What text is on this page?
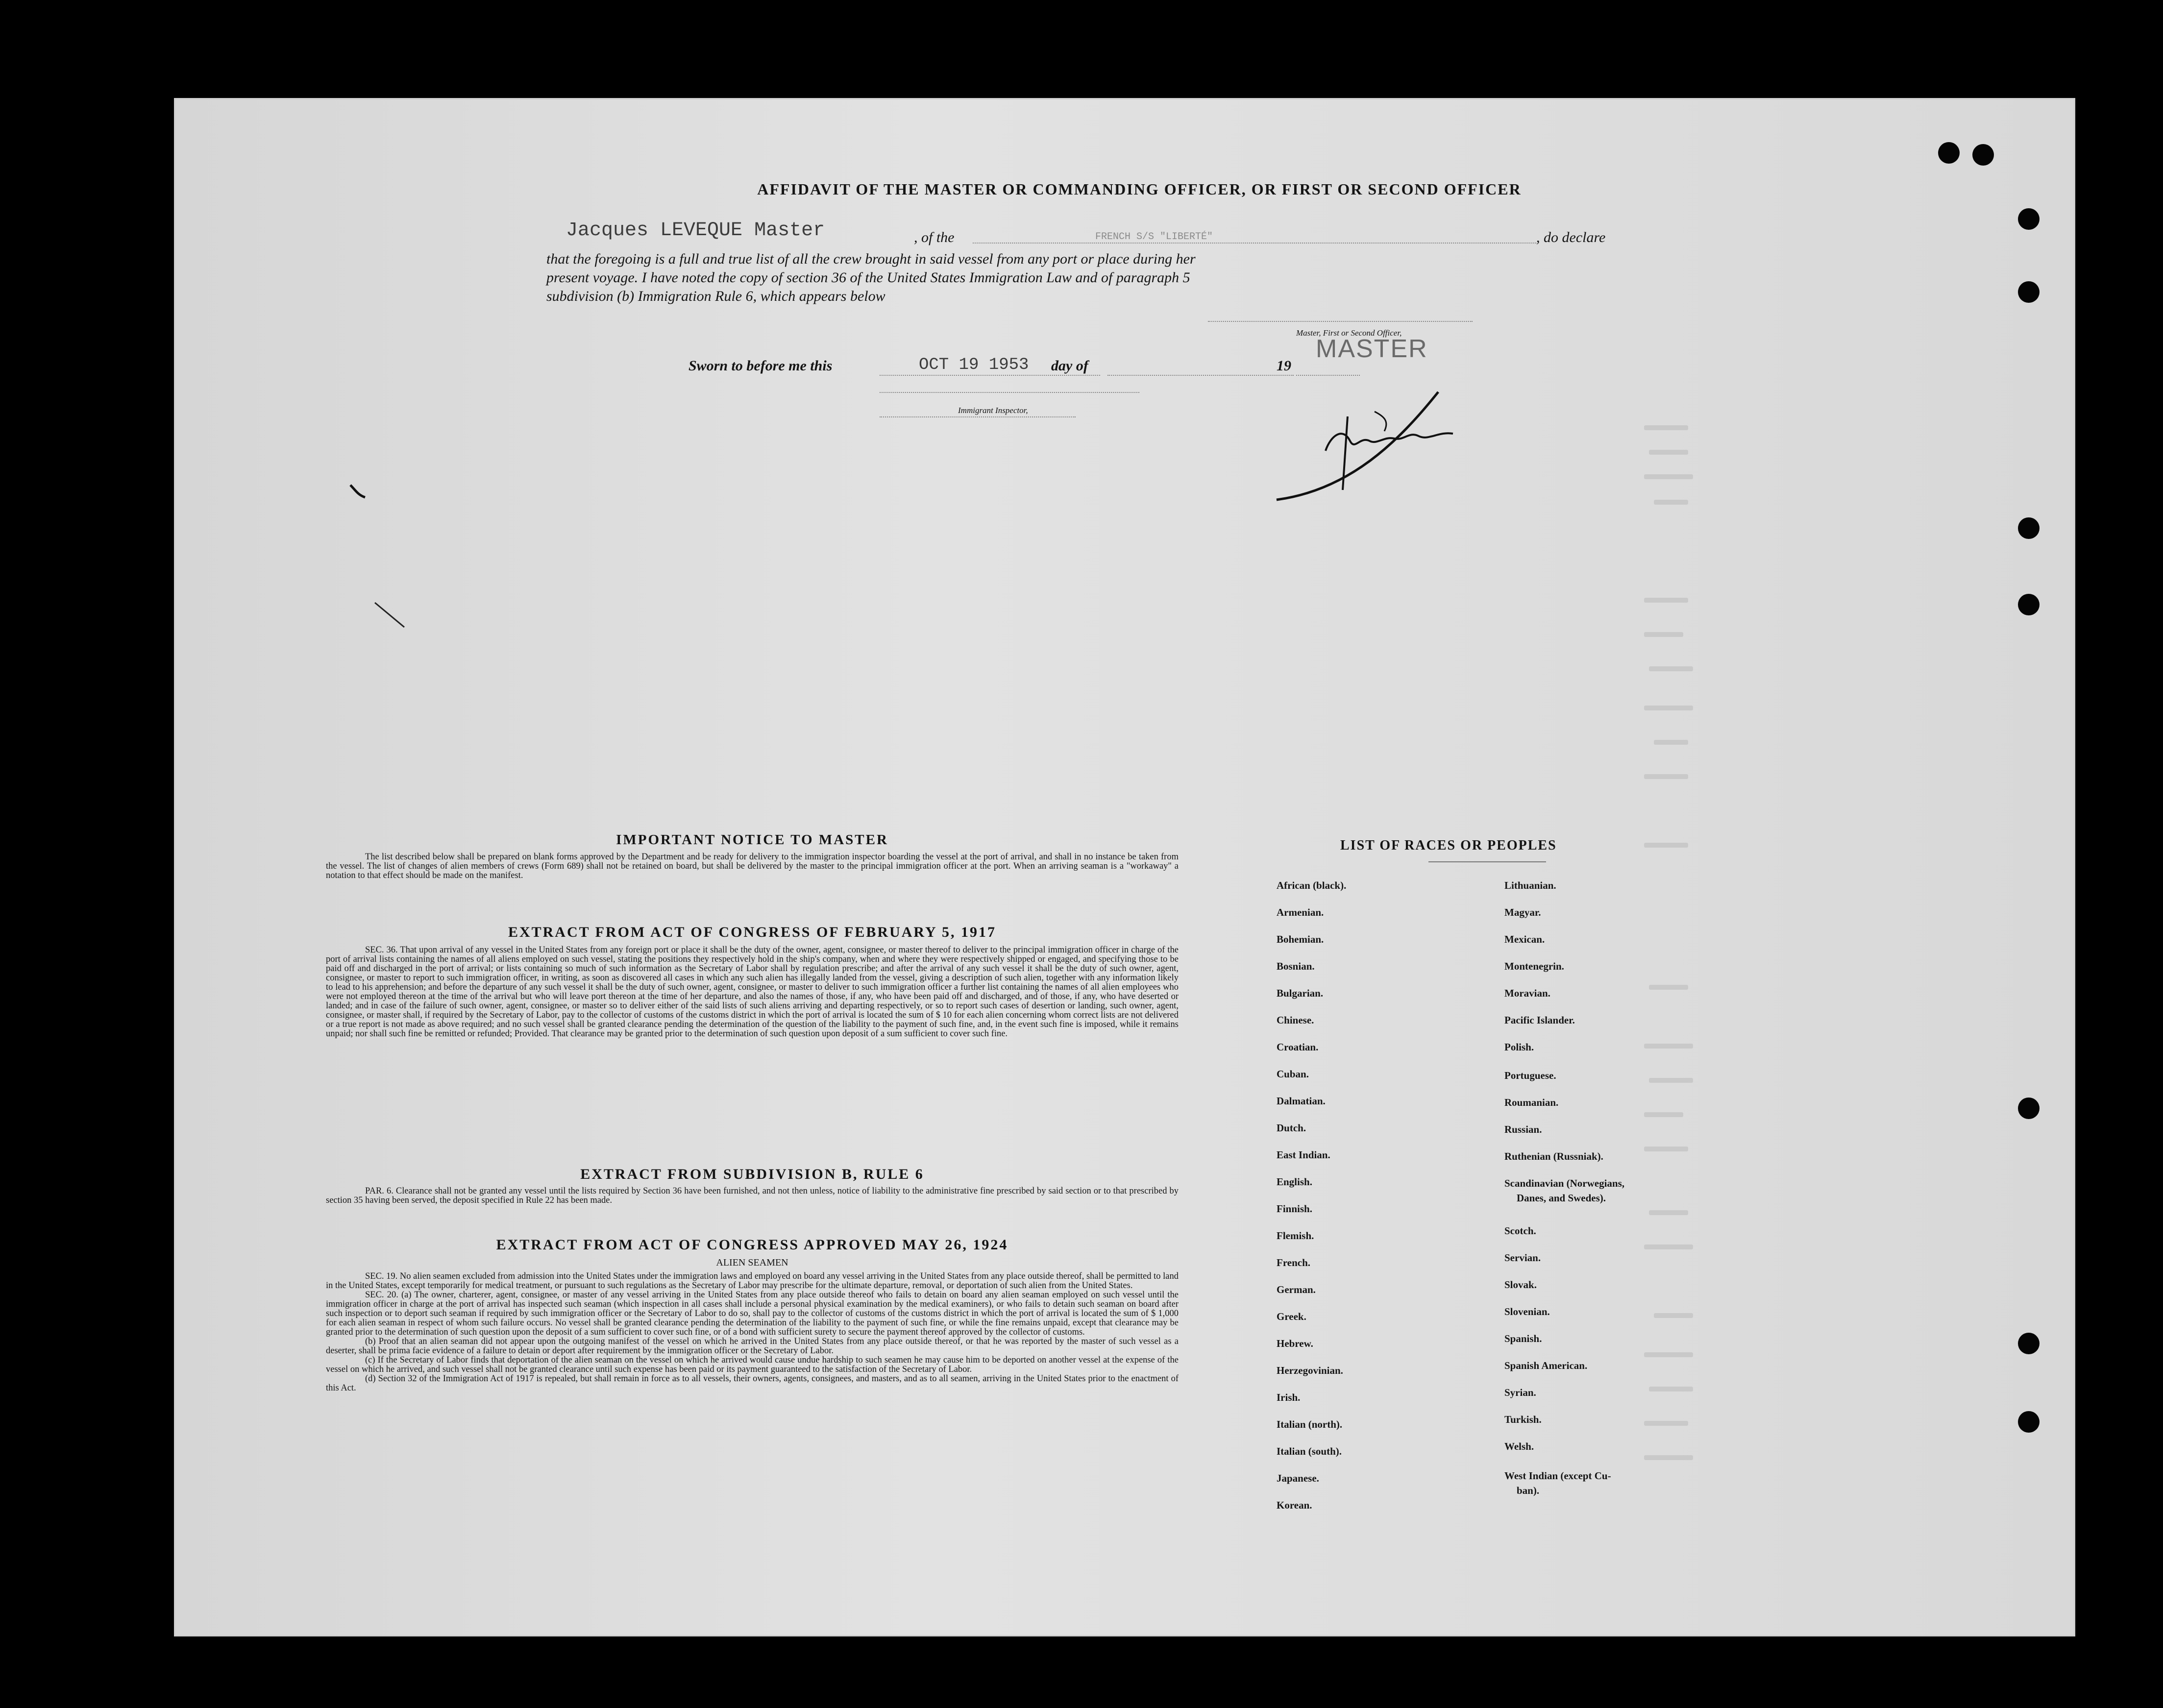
AFFIDAVIT OF THE MASTER OR COMMANDING OFFICER, OR FIRST OR SECOND OFFICER
Jacques LEVEQUE Master	, of the	FRENCH S/S "LIBERTÉ"	, do declare
that the foregoing is a full and true list of all the crew brought in said vessel from any port or place during her
present voyage. I have noted the copy of section 36 of the United States Immigration Law and of paragraph 5
subdivision (b) Immigration Rule 6, which appears below
Master, First or Second Officer,
MASTER
Sworn to before me this	OCT 19 1953 day of	19
Immigrant Inspector,
IMPORTANT NOTICE TO MASTER
The list described below shall be prepared on blank forms approved by the Department and be ready for delivery to the immigration inspector boarding the vessel at the port of arrival, and shall in no instance be taken from the vessel. The list of changes of alien members of crews (Form 689) shall not be retained on board, but shall be delivered by the master to the principal immigration officer at the port. When an arriving seaman is a "workaway" a notation to that effect should be made on the manifest.
EXTRACT FROM ACT OF CONGRESS OF FEBRUARY 5, 1917
SEC. 36. That upon arrival of any vessel in the United States from any foreign port or place it shall be the duty of the owner, agent, consignee, or master thereof to deliver to the principal immigration officer in charge of the port of arrival lists containing the names of all aliens employed on such vessel, stating the positions they respectively hold in the ship's company, when and where they were respectively shipped or engaged, and specifying those to be paid off and discharged in the port of arrival; or lists containing so much of such information as the Secretary of Labor shall by regulation prescribe; and after the arrival of any such vessel it shall be the duty of such owner, agent, consignee, or master to report to such immigration officer, in writing, as soon as discovered all cases in which any such alien has illegally landed from the vessel, giving a description of such alien, together with any information likely to lead to his apprehension; and before the departure of any such vessel it shall be the duty of such owner, agent, consignee, or master to deliver to such immigration officer a further list containing the names of all alien employees who were not employed thereon at the time of the arrival but who will leave port thereon at the time of her departure, and also the names of those, if any, who have been paid off and discharged, and of those, if any, who have deserted or landed; and in case of the failure of such owner, agent, consignee, or master so to deliver either of the said lists of such aliens arriving and departing respectively, or so to report such cases of desertion or landing, such owner, agent, consignee, or master shall, if required by the Secretary of Labor, pay to the collector of customs of the customs district in which the port of arrival is located the sum of $ 10 for each alien concerning whom correct lists are not delivered or a true report is not made as above required; and no such vessel shall be granted clearance pending the determination of the question of the liability to the payment of such fine, and, in the event such fine is imposed, while it remains unpaid; nor shall such fine be remitted or refunded; Provided. That clearance may be granted prior to the determination of such question upon deposit of a sum sufficient to cover such fine.
EXTRACT FROM SUBDIVISION B, RULE 6
PAR. 6. Clearance shall not be granted any vessel until the lists required by Section 36 have been furnished, and not then unless, notice of liability to the administrative fine prescribed by said section or to that prescribed by section 35 having been served, the deposit specified in Rule 22 has been made.
EXTRACT FROM ACT OF CONGRESS APPROVED MAY 26, 1924
ALIEN SEAMEN
SEC. 19. No alien seamen excluded from admission into the United States under the immigration laws and employed on board any vessel arriving in the United States from any place outside thereof, shall be permitted to land in the United States, except temporarily for medical treatment, or pursuant to such regulations as the Secretary of Labor may prescribe for the ultimate departure, removal, or deportation of such alien from the United States.
SEC. 20. (a) The owner, charterer, agent, consignee, or master of any vessel arriving in the United States from any place outside thereof who fails to detain on board any alien seaman employed on such vessel until the immigration officer in charge at the port of arrival has inspected such seaman (which inspection in all cases shall include a personal physical examination by the medical examiners), or who fails to detain such seaman on board after such inspection or to deport such seaman if required by such immigration officer or the Secretary of Labor to do so, shall pay to the collector of customs of the customs district in which the port of arrival is located the sum of $ 1,000 for each alien seaman in respect of whom such failure occurs. No vessel shall be granted clearance pending the determination of the liability to the payment of such fine, or while the fine remains unpaid, except that clearance may be granted prior to the determination of such question upon the deposit of a sum sufficient to cover such fine, or of a bond with sufficient surety to secure the payment thereof approved by the collector of customs.
(b) Proof that an alien seaman did not appear upon the outgoing manifest of the vessel on which he arrived in the United States from any place outside thereof, or that he was reported by the master of such vessel as a deserter, shall be prima facie evidence of a failure to detain or deport after requirement by the immigration officer or the Secretary of Labor.
(c) If the Secretary of Labor finds that deportation of the alien seaman on the vessel on which he arrived would cause undue hardship to such seamen he may cause him to be deported on another vessel at the expense of the vessel on which he arrived, and such vessel shall not be granted clearance until such expense has been paid or its payment guaranteed to the satisfaction of the Secretary of Labor.
(d) Section 32 of the Immigration Act of 1917 is repealed, but shall remain in force as to all vessels, their owners, agents, consignees, and masters, and as to all seamen, arriving in the United States prior to the enactment of this Act.
LIST OF RACES OR PEOPLES
African (black).
Armenian.
Bohemian.
Bosnian.
Bulgarian.
Chinese.
Croatian.
Cuban.
Dalmatian.
Dutch.
East Indian.
English.
Finnish.
Flemish.
French.
German.
Greek.
Hebrew.
Herzegovinian.
Irish.
Italian (north).
Italian (south).
Japanese.
Korean.
Lithuanian.
Magyar.
Mexican.
Montenegrin.
Moravian.
Pacific Islander.
Polish.
Portuguese.
Roumanian.
Russian.
Ruthenian (Russniak).
Scandinavian (Norwegians,
Danes, and Swedes).
Scotch.
Servian.
Slovak.
Slovenian.
Spanish.
Spanish American.
Syrian.
Turkish.
Welsh.
West Indian (except Cu-
ban).
